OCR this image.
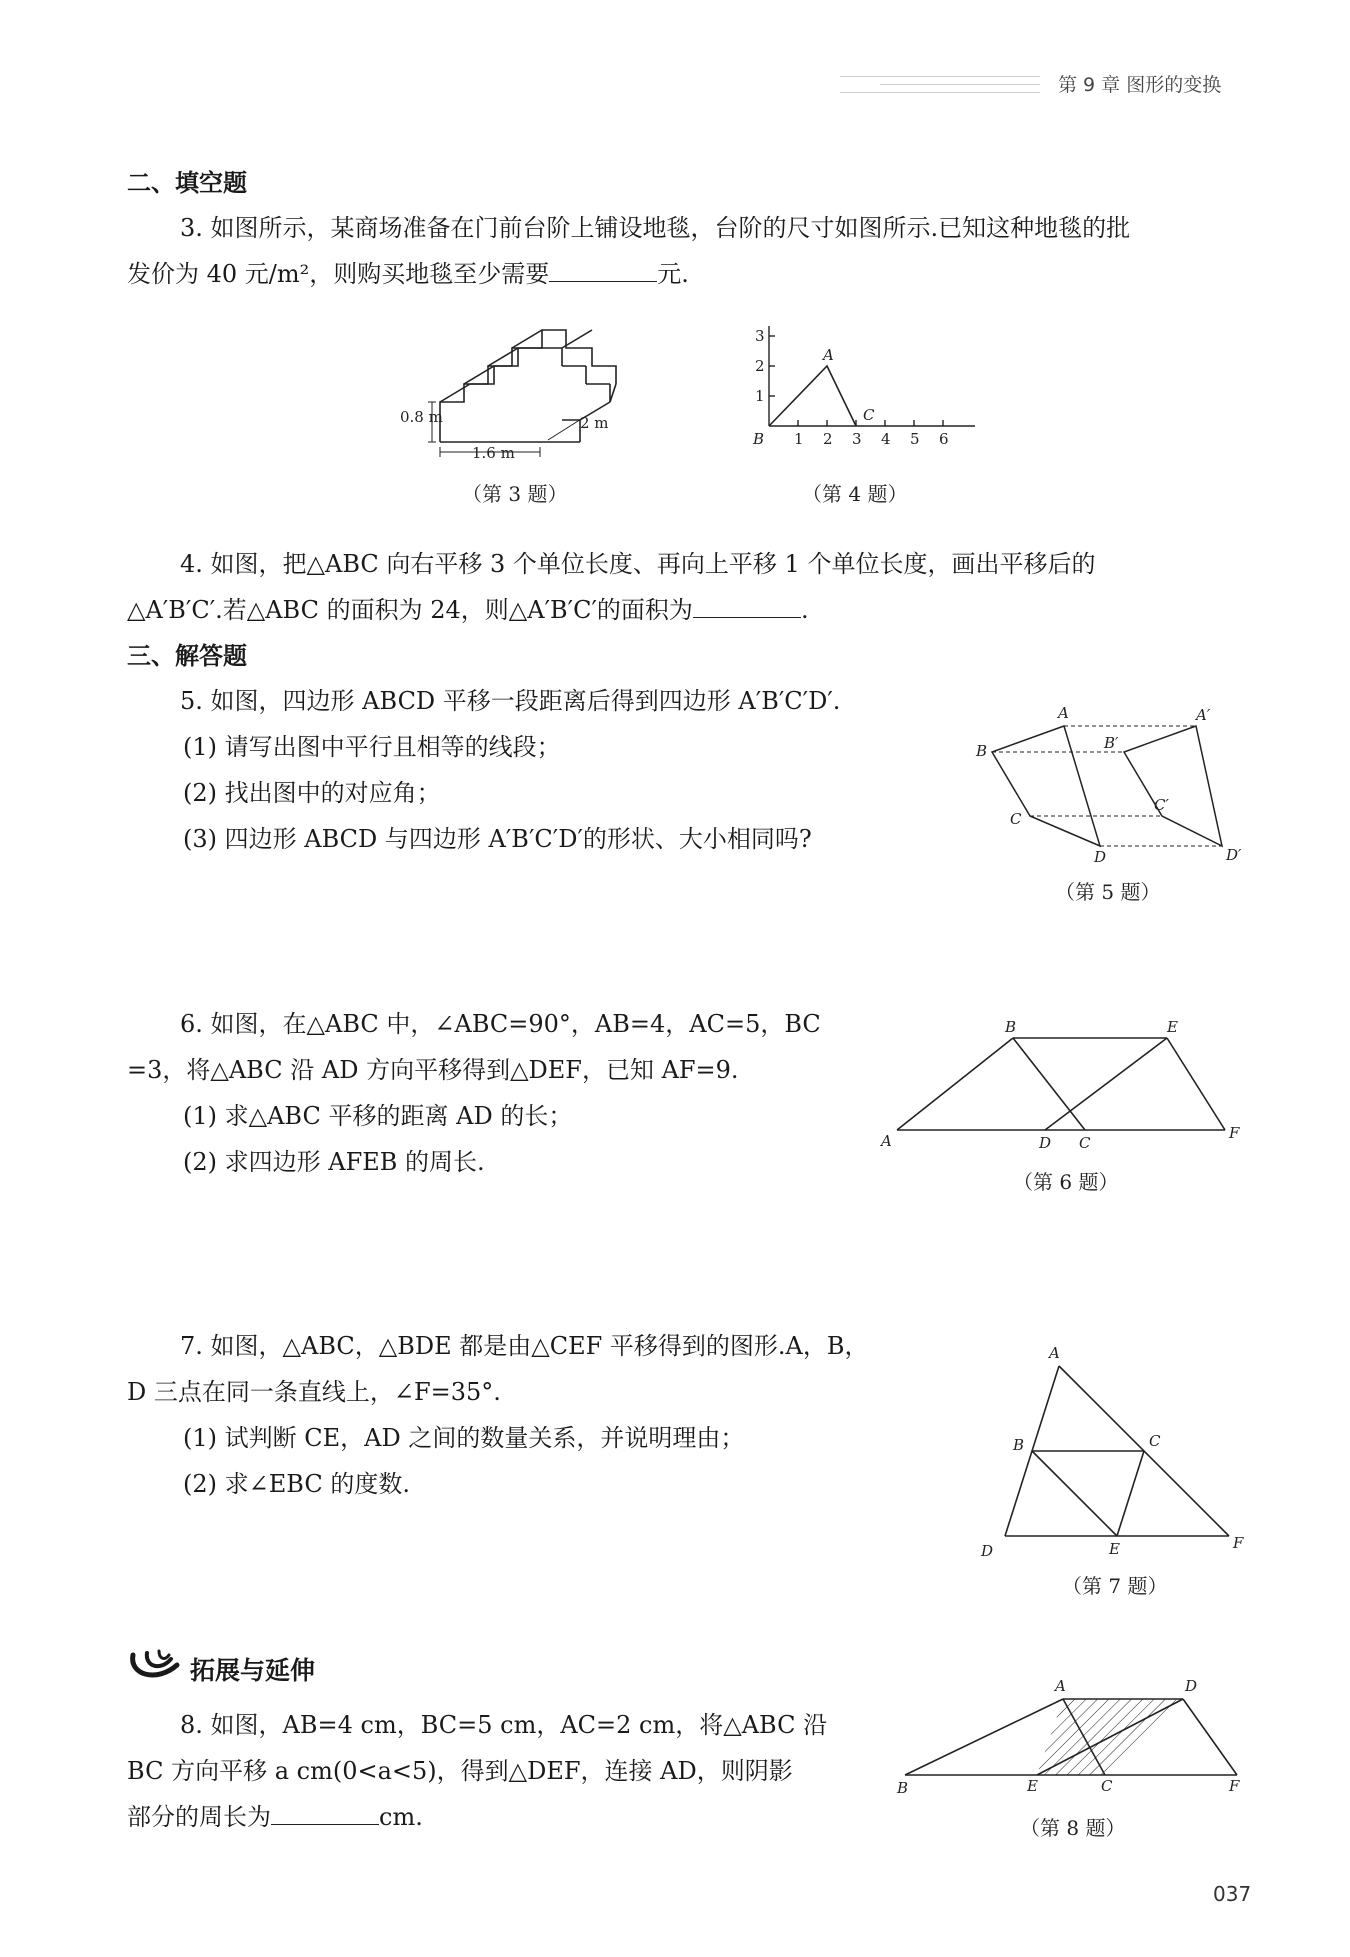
第 9 章 图形的变换
二、填空题
3. 如图所示，某商场准备在门前台阶上铺设地毯，台阶的尺寸如图所示.已知这种地毯的批
发价为 40 元/m²，则购买地毯至少需要	元.
0.8 m
1.6 m
2 m
（第 3 题）
1
2
3
1 2 3 4 5 6
A
B
C
（第 4 题）
4. 如图，把△ABC 向右平移 3 个单位长度、再向上平移 1 个单位长度，画出平移后的
△A′B′C′.若△ABC 的面积为 24，则△A′B′C′的面积为	.
三、解答题
5. 如图，四边形 ABCD 平移一段距离后得到四边形 A′B′C′D′.
(1) 请写出图中平行且相等的线段；
(2) 找出图中的对应角；
(3) 四边形 ABCD 与四边形 A′B′C′D′的形状、大小相同吗?
A
B
C
D
A′
B′
C′
D′
（第 5 题）
6. 如图，在△ABC 中，∠ABC=90°，AB=4，AC=5，BC
=3，将△ABC 沿 AD 方向平移得到△DEF，已知 AF=9.
(1) 求△ABC 平移的距离 AD 的长；
(2) 求四边形 AFEB 的周长.
A
B
C
D
E
F
（第 6 题）
7. 如图，△ABC，△BDE 都是由△CEF 平移得到的图形.A，B，
D 三点在同一条直线上，∠F=35°.
(1) 试判断 CE，AD 之间的数量关系，并说明理由；
(2) 求∠EBC 的度数.
A
B	C
D	E	F
（第 7 题）
拓展与延伸
8. 如图，AB=4 cm，BC=5 cm，AC=2 cm，将△ABC 沿
BC 方向平移 a cm(0<a<5)，得到△DEF，连接 AD，则阴影
部分的周长为	cm.
A
B	C
D
E	F
（第 8 题）
037
